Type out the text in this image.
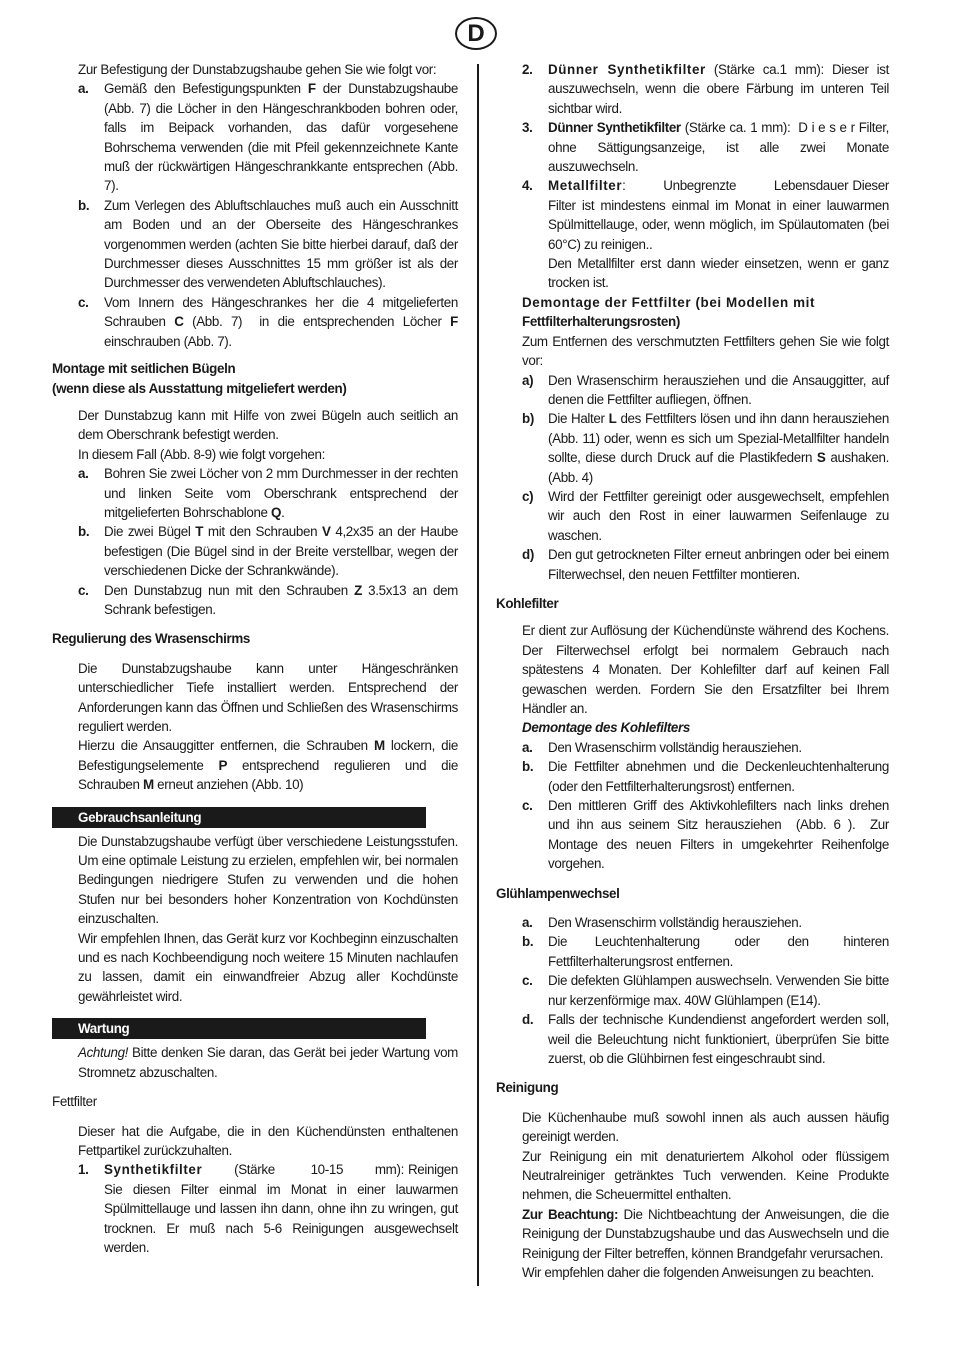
D

Zur Befestigung der Dunstabzugshaube gehen Sie wie folgt vor:

a. Gemäß den Befestigungspunkten F der Dunstabzugshaube (Abb. 7) die Löcher in den Hängeschrankboden bohren oder, falls im Beipack vorhanden, das dafür vorgesehene Bohrschema verwenden (die mit Pfeil gekennzeichnete Kante muß der rückwärtigen Hängeschrankkante entsprechen (Abb. 7).
b. Zum Verlegen des Abluftschlauches muß auch ein Ausschnitt am Boden und an der Oberseite des Hängeschrankes vorgenommen werden (achten Sie bitte hierbei darauf, daß der Durchmesser dieses Ausschnittes 15 mm größer ist als der Durchmesser des verwendeten Abluftschlauches).
c. Vom Innern des Hängeschrankes her die 4 mitgelieferten Schrauben C (Abb. 7)  in die entsprechenden Löcher F einschrauben (Abb. 7).

Montage mit seitlichen Bügeln

(wenn diese als Ausstattung mitgeliefert werden)

Der Dunstabzug kann mit Hilfe von zwei Bügeln auch seitlich an dem Oberschrank befestigt werden.

In diesem Fall (Abb. 8-9) wie folgt vorgehen:

a. Bohren Sie zwei Löcher von 2 mm Durchmesser in der rechten und linken Seite vom Oberschrank entsprechend der mitgelieferten Bohrschablone Q.
b. Die zwei Bügel T mit den Schrauben V 4,2x35 an der Haube befestigen (Die Bügel sind in der Breite verstellbar, wegen der verschiedenen Dicke der Schrankwände).
c. Den Dunstabzug nun mit den Schrauben Z 3.5x13 an dem Schrank befestigen.

Regulierung des Wrasenschirms

Die Dunstabzugshaube kann unter Hängeschränken unterschiedlicher Tiefe installiert werden. Entsprechend der Anforderungen kann das Öffnen und Schließen des Wrasenschirms reguliert werden.

Hierzu die Ansauggitter entfernen, die Schrauben M lockern, die Befestigungselemente P entsprechend regulieren und die Schrauben M erneut anziehen (Abb. 10)

Gebrauchsanleitung

Die Dunstabzugshaube verfügt über verschiedene Leistungsstufen. Um eine optimale Leistung zu erzielen, empfehlen wir, bei normalen Bedingungen niedrigere Stufen zu verwenden und die hohen Stufen nur bei besonders hoher Konzentration von Kochdünsten einzuschalten.

Wir empfehlen Ihnen, das Gerät kurz vor Kochbeginn einzuschalten und es nach Kochbeendigung noch weitere 15 Minuten nachlaufen zu lassen, damit ein einwandfreier Abzug aller Kochdünste gewährleistet wird.

Wartung

Achtung! Bitte denken Sie daran, das Gerät bei jeder Wartung vom Stromnetz abzuschalten.

Fettfilter

Dieser hat die Aufgabe, die in den Küchendünsten enthaltenen Fettpartikel zurückzuhalten.

1. Synthetikfilter        (Stärke         10-15        mm): Reinigen Sie diesen Filter einmal im Monat in einer lauwarmen Spülmittellauge und lassen ihn dann, ohne ihn zu wringen, gut trocknen. Er muß nach 5-6 Reinigungen ausgewechselt werden.
2. Dünner Synthetikfilter (Stärke ca.1 mm): Dieser ist auszuwechseln, wenn die obere Färbung im unteren Teil sichtbar wird.
3. Dünner Synthetikfilter (Stärke ca. 1 mm):  D i e s e r Filter, ohne Sättigungsanzeige, ist alle zwei Monate auszuwechseln.
4. Metallfilter:         Unbegrenzte         Lebensdauer Dieser Filter ist mindestens einmal im Monat in einer lauwarmen Spülmittellauge, oder, wenn möglich, im Spülautomaten (bei 60°C) zu reinigen..
Den Metallfilter erst dann wieder einsetzen, wenn er ganz trocken ist.

Demontage der Fettfilter (bei Modellen mit
Fettfilterhalterungsrosten)

Zum Entfernen des verschmutzten Fettfilters gehen Sie wie folgt vor:

a) Den Wrasenschirm herausziehen und die Ansauggitter, auf denen die Fettfilter aufliegen, öffnen.
b) Die Halter L des Fettfilters lösen und ihn dann herausziehen (Abb. 11) oder, wenn es sich um Spezial-Metallfilter handeln sollte, diese durch Druck auf die Plastikfedern S aushaken. (Abb. 4)
c) Wird der Fettfilter gereinigt oder ausgewechselt, empfehlen wir auch den Rost in einer lauwarmen Seifenlauge zu waschen.
d) Den gut getrockneten Filter erneut anbringen oder bei einem Filterwechsel, den neuen Fettfilter montieren.

Kohlefilter

Er dient zur Auflösung der Küchendünste während des Kochens. Der Filterwechsel erfolgt bei normalem Gebrauch nach spätestens 4 Monaten. Der Kohlefilter darf auf keinen Fall gewaschen werden. Fordern Sie den Ersatzfilter bei Ihrem Händler an.

Demontage des Kohlefilters

a. Den Wrasenschirm vollständig herausziehen.
b. Die Fettfilter abnehmen und die Deckenleuchtenhalterung (oder den Fettfilterhalterungsrost) entfernen.
c. Den mittleren Griff des Aktivkohlefilters nach links drehen und ihn aus seinem Sitz herausziehen  (Abb. 6 ).  Zur Montage des neuen Filters in umgekehrter Reihenfolge vorgehen.

Glühlampenwechsel

a. Den Wrasenschirm vollständig herausziehen.
b. Die    Leuchtenhalterung     oder    den     hinteren Fettfilterhalterungsrost entfernen.
c. Die defekten Glühlampen auswechseln. Verwenden Sie bitte nur kerzenförmige max. 40W Glühlampen (E14).
d. Falls der technische Kundendienst angefordert werden soll, weil die Beleuchtung nicht funktioniert, überprüfen Sie bitte zuerst, ob die Glühbirnen fest eingeschraubt sind.

Reinigung

Die Küchenhaube muß sowohl innen als auch aussen häufig gereinigt werden.

Zur Reinigung ein mit denaturiertem Alkohol oder flüssigem Neutralreiniger getränktes Tuch verwenden. Keine Produkte nehmen, die Scheuermittel enthalten.

Zur Beachtung: Die Nichtbeachtung der Anweisungen, die die Reinigung der Dunstabzugshaube und das Auswechseln und die Reinigung der Filter betreffen, können Brandgefahr verursachen.

Wir empfehlen daher die folgenden Anweisungen zu beachten.
